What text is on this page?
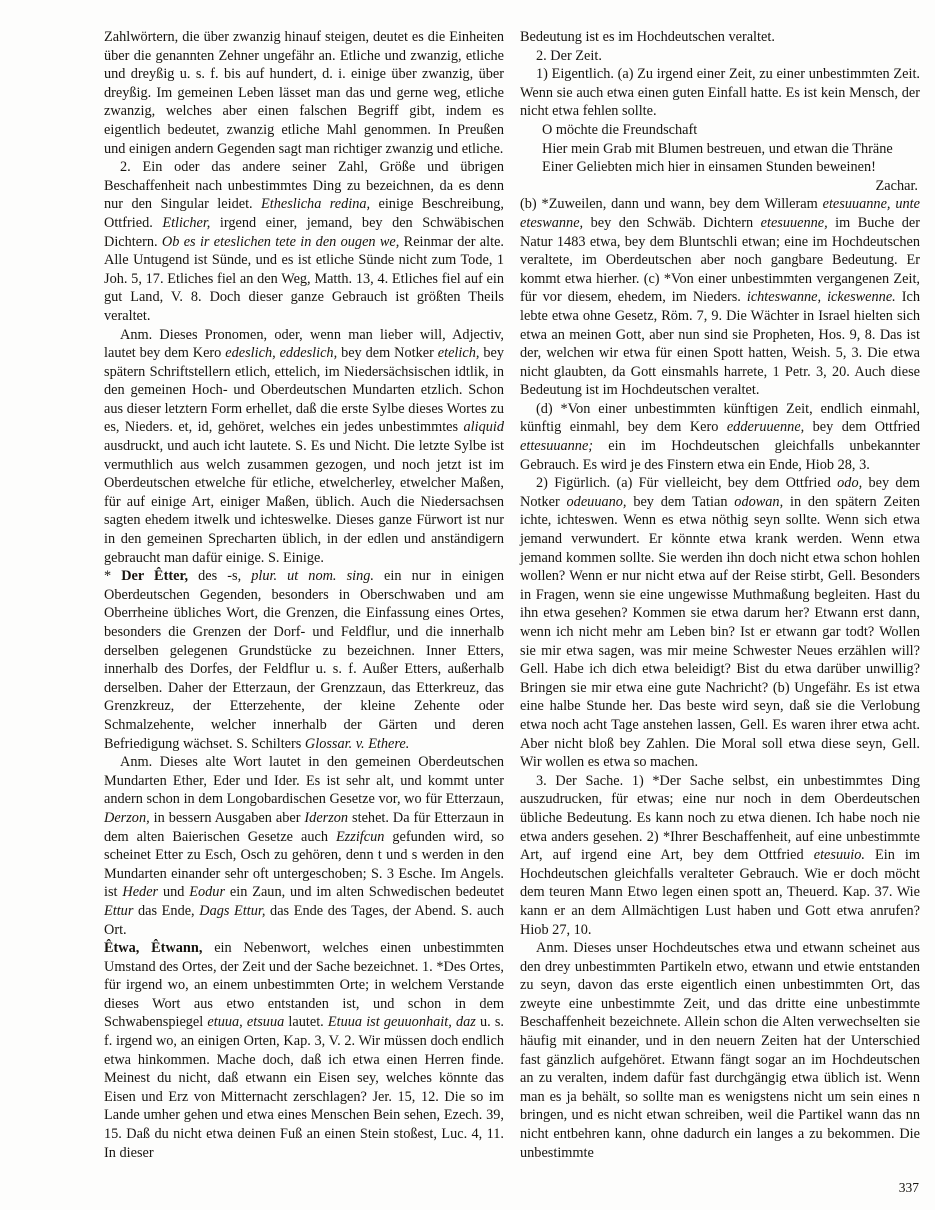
Zahlwörtern, die über zwanzig hinauf steigen, deutet es die Einheiten über die genannten Zehner ungefähr an. Etliche und zwanzig, etliche und dreyßig u. s. f. bis auf hundert, d. i. einige über zwanzig, über dreyßig. Im gemeinen Leben lässet man das und gerne weg, etliche zwanzig, welches aber einen falschen Begriff gibt, indem es eigentlich bedeutet, zwanzig etliche Mahl genommen. In Preußen und einigen andern Gegenden sagt man richtiger zwanzig und etliche.

2. Ein oder das andere seiner Zahl, Größe und übrigen Beschaffenheit nach unbestimmtes Ding zu bezeichnen, da es denn nur den Singular leidet. Etheslicha redina, einige Beschreibung, Ottfried. Etlicher, irgend einer, jemand, bey den Schwäbischen Dichtern. Ob es ir eteslichen tete in den ougen we, Reinmar der alte. Alle Untugend ist Sünde, und es ist etliche Sünde nicht zum Tode, 1 Joh. 5, 17. Etliches fiel an den Weg, Matth. 13, 4. Etliches fiel auf ein gut Land, V. 8. Doch dieser ganze Gebrauch ist größten Theils veraltet.

Anm. Dieses Pronomen, oder, wenn man lieber will, Adjectiv, lautet bey dem Kero edeslich, eddeslich, bey dem Notker etelich, bey spätern Schriftstellern etlich, ettelich, im Niedersächsischen idtlik, in den gemeinen Hoch- und Oberdeutschen Mundarten etzlich. Schon aus dieser letztern Form erhellet, daß die erste Sylbe dieses Wortes zu es, Nieders. et, id, gehöret, welches ein jedes unbestimmtes aliquid ausdruckt, und auch icht lautete. S. Es und Nicht. Die letzte Sylbe ist vermuthlich aus welch zusammen gezogen, und noch jetzt ist im Oberdeutschen etwelche für etliche, etwelcherley, etwelcher Maßen, für auf einige Art, einiger Maßen, üblich. Auch die Niedersachsen sagten ehedem itwelk und ichteswelke. Dieses ganze Fürwort ist nur in den gemeinen Sprecharten üblich, in der edlen und anständigern gebraucht man dafür einige. S. Einige.

* Der Êtter, des -s, plur. ut nom. sing. ein nur in einigen Oberdeutschen Gegenden, besonders in Oberschwaben und am Oberrheine übliches Wort, die Grenzen, die Einfassung eines Ortes, besonders die Grenzen der Dorf- und Feldflur, und die innerhalb derselben gelegenen Grundstücke zu bezeichnen. Inner Etters, innerhalb des Dorfes, der Feldflur u. s. f. Außer Etters, außerhalb derselben. Daher der Etterzaun, der Grenzzaun, das Etterkreuz, das Grenzkreuz, der Etterzehente, der kleine Zehente oder Schmalzehente, welcher innerhalb der Gärten und deren Befriedigung wächset. S. Schilters Glossar. v. Ethere.

Anm. Dieses alte Wort lautet in den gemeinen Oberdeutschen Mundarten Ether, Eder und Ider. Es ist sehr alt, und kommt unter andern schon in dem Longobardischen Gesetze vor, wo für Etterzaun, Derzon, in bessern Ausgaben aber Iderzon stehet. Da für Etterzaun in dem alten Baierischen Gesetze auch Ezzifcun gefunden wird, so scheinet Etter zu Esch, Osch zu gehören, denn t und s werden in den Mundarten einander sehr oft untergeschoben; S. 3 Esche. Im Angels. ist Heder und Eodur ein Zaun, und im alten Schwedischen bedeutet Ettur das Ende, Dags Ettur, das Ende des Tages, der Abend. S. auch Ort.

Êtwa, Êtwann, ein Nebenwort, welches einen unbestimmten Umstand des Ortes, der Zeit und der Sache bezeichnet. 1. *Des Ortes, für irgend wo, an einem unbestimmten Orte; in welchem Verstande dieses Wort aus etwo entstanden ist, und schon in dem Schwabenspiegel etuua, etsuua lautet. Etuua ist geuuonhait, daz u. s. f. irgend wo, an einigen Orten, Kap. 3, V. 2. Wir müssen doch endlich etwa hinkommen. Mache doch, daß ich etwa einen Herren finde. Meinest du nicht, daß etwann ein Eisen sey, welches könnte das Eisen und Erz von Mitternacht zerschlagen? Jer. 15, 12. Die so im Lande umher gehen und etwa eines Menschen Bein sehen, Ezech. 39, 15. Daß du nicht etwa deinen Fuß an einen Stein stoßest, Luc. 4, 11. In dieser

Bedeutung ist es im Hochdeutschen veraltet.

2. Der Zeit.

1) Eigentlich. (a) Zu irgend einer Zeit, zu einer unbestimmten Zeit. Wenn sie auch etwa einen guten Einfall hatte. Es ist kein Mensch, der nicht etwa fehlen sollte.

O möchte die Freundschaft
Hier mein Grab mit Blumen bestreuen, und etwan die Thräne
Einer Geliebten mich hier in einsamen Stunden beweinen!
Zachar.

(b) *Zuweilen, dann und wann, bey dem Willeram etesuuanne, unte eteswanne, bey den Schwäb. Dichtern etesuuenne, im Buche der Natur 1483 etwa, bey dem Bluntschli etwan; eine im Hochdeutschen veraltete, im Oberdeutschen aber noch gangbare Bedeutung. Er kommt etwa hierher. (c) *Von einer unbestimmten vergangenen Zeit, für vor diesem, ehedem, im Nieders. ichteswanne, ickeswenne. Ich lebte etwa ohne Gesetz, Röm. 7, 9. Die Wächter in Israel hielten sich etwa an meinen Gott, aber nun sind sie Propheten, Hos. 9, 8. Das ist der, welchen wir etwa für einen Spott hatten, Weish. 5, 3. Die etwa nicht glaubten, da Gott einsmahls harrete, 1 Petr. 3, 20. Auch diese Bedeutung ist im Hochdeutschen veraltet.

(d) *Von einer unbestimmten künftigen Zeit, endlich einmahl, künftig einmahl, bey dem Kero edderuuenne, bey dem Ottfried ettesuuanne; ein im Hochdeutschen gleichfalls unbekannter Gebrauch. Es wird je des Finstern etwa ein Ende, Hiob 28, 3.

2) Figürlich. (a) Für vielleicht, bey dem Ottfried odo, bey dem Notker odeuuano, bey dem Tatian odowan, in den spätern Zeiten ichte, ichteswen. Wenn es etwa nöthig seyn sollte. Wenn sich etwa jemand verwundert. Er könnte etwa krank werden. Wenn etwa jemand kommen sollte. Sie werden ihn doch nicht etwa schon hohlen wollen? Wenn er nur nicht etwa auf der Reise stirbt, Gell. Besonders in Fragen, wenn sie eine ungewisse Muthmaßung begleiten. Hast du ihn etwa gesehen? Kommen sie etwa darum her? Etwann erst dann, wenn ich nicht mehr am Leben bin? Ist er etwann gar todt? Wollen sie mir etwa sagen, was mir meine Schwester Neues erzählen will? Gell. Habe ich dich etwa beleidigt? Bist du etwa darüber unwillig? Bringen sie mir etwa eine gute Nachricht? (b) Ungefähr. Es ist etwa eine halbe Stunde her. Das beste wird seyn, daß sie die Verlobung etwa noch acht Tage anstehen lassen, Gell. Es waren ihrer etwa acht. Aber nicht bloß bey Zahlen. Die Moral soll etwa diese seyn, Gell. Wir wollen es etwa so machen.

3. Der Sache. 1) *Der Sache selbst, ein unbestimmtes Ding auszudrucken, für etwas; eine nur noch in dem Oberdeutschen übliche Bedeutung. Es kann noch zu etwa dienen. Ich habe noch nie etwa anders gesehen. 2) *Ihrer Beschaffenheit, auf eine unbestimmte Art, auf irgend eine Art, bey dem Ottfried etesuuio. Ein im Hochdeutschen gleichfalls veralteter Gebrauch. Wie er doch möcht dem teuren Mann Etwo legen einen spott an, Theuerd. Kap. 37. Wie kann er an dem Allmächtigen Lust haben und Gott etwa anrufen? Hiob 27, 10.

Anm. Dieses unser Hochdeutsches etwa und etwann scheinet aus den drey unbestimmten Partikeln etwo, etwann und etwie entstanden zu seyn, davon das erste eigentlich einen unbestimmten Ort, das zweyte eine unbestimmte Zeit, und das dritte eine unbestimmte Beschaffenheit bezeichnete. Allein schon die Alten verwechselten sie häufig mit einander, und in den neuern Zeiten hat der Unterschied fast gänzlich aufgehöret. Etwann fängt sogar an im Hochdeutschen an zu veralten, indem dafür fast durchgängig etwa üblich ist. Wenn man es ja behält, so sollte man es wenigstens nicht um sein eines n bringen, und es nicht etwan schreiben, weil die Partikel wann das nn nicht entbehren kann, ohne dadurch ein langes a zu bekommen. Die unbestimmte

337
